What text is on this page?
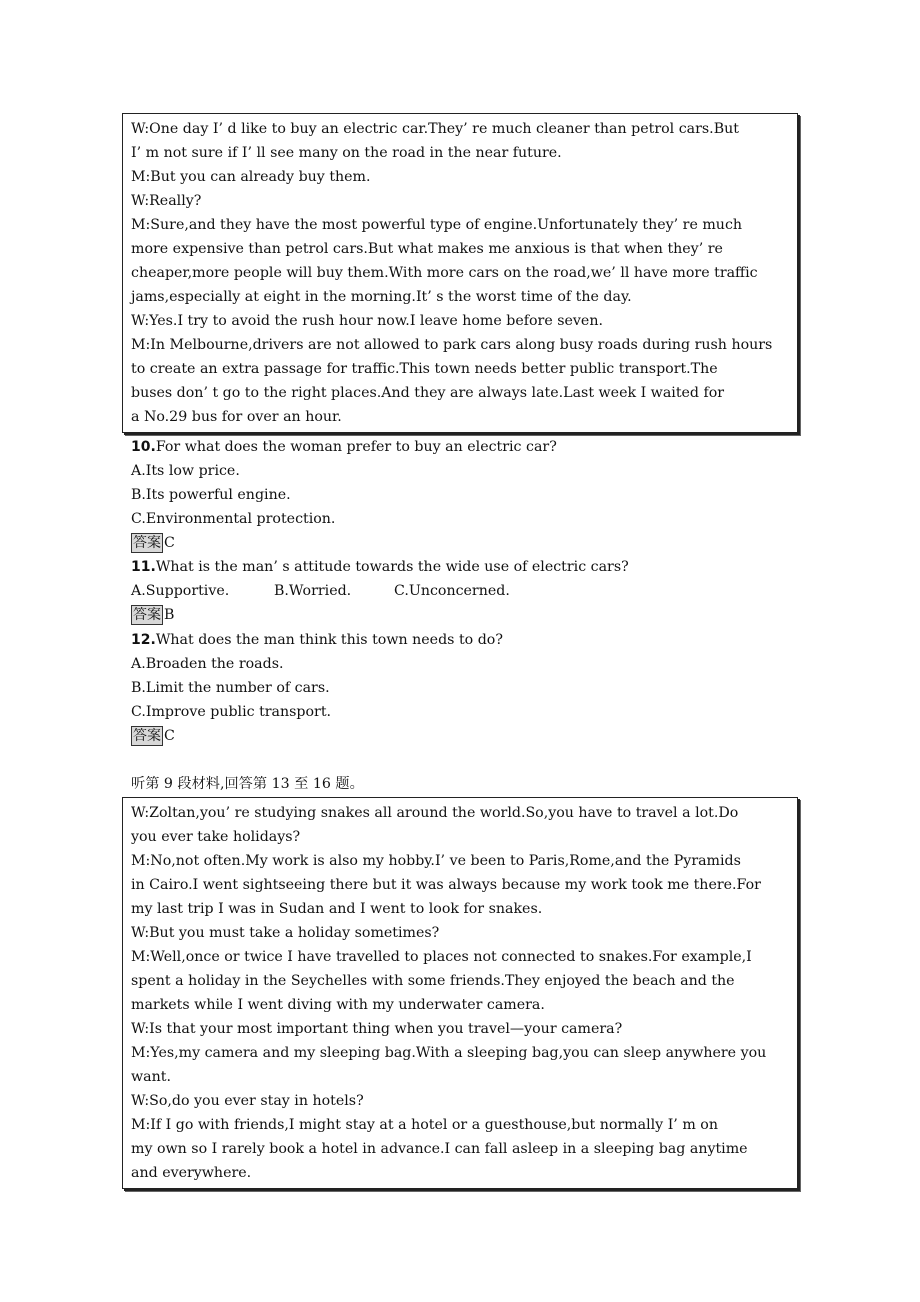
W:One day I’ d like to buy an electric car.They’ re much cleaner than petrol cars.But
I’ m not sure if I’ ll see many on the road in the near future.
M:But you can already buy them.
W:Really?
M:Sure,and they have the most powerful type of engine.Unfortunately they’ re much
more expensive than petrol cars.But what makes me anxious is that when they’ re
cheaper,more people will buy them.With more cars on the road,we’ ll have more traffic
jams,especially at eight in the morning.It’ s the worst time of the day.
W:Yes.I try to avoid the rush hour now.I leave home before seven.
M:In Melbourne,drivers are not allowed to park cars along busy roads during rush hours
to create an extra passage for traffic.This town needs better public transport.The
buses don’ t go to the right places.And they are always late.Last week I waited for
a No.29 bus for over an hour.
10.For what does the woman prefer to buy an electric car?
A.Its low price.
B.Its powerful engine.
C.Environmental protection.
答案 C
11.What is the man’ s attitude towards the wide use of electric cars?
A.Supportive.	B.Worried.	C.Unconcerned.
答案 B
12.What does the man think this town needs to do?
A.Broaden the roads.
B.Limit the number of cars.
C.Improve public transport.
答案 C
听第 9 段材料,回答第 13 至 16 题。
W:Zoltan,you’ re studying snakes all around the world.So,you have to travel a lot.Do
you ever take holidays?
M:No,not often.My work is also my hobby.I’ ve been to Paris,Rome,and the Pyramids
in Cairo.I went sightseeing there but it was always because my work took me there.For
my last trip I was in Sudan and I went to look for snakes.
W:But you must take a holiday sometimes?
M:Well,once or twice I have travelled to places not connected to snakes.For example,I
spent a holiday in the Seychelles with some friends.They enjoyed the beach and the
markets while I went diving with my underwater camera.
W:Is that your most important thing when you travel—your camera?
M:Yes,my camera and my sleeping bag.With a sleeping bag,you can sleep anywhere you
want.
W:So,do you ever stay in hotels?
M:If I go with friends,I might stay at a hotel or a guesthouse,but normally I’ m on
my own so I rarely book a hotel in advance.I can fall asleep in a sleeping bag anytime
and everywhere.
